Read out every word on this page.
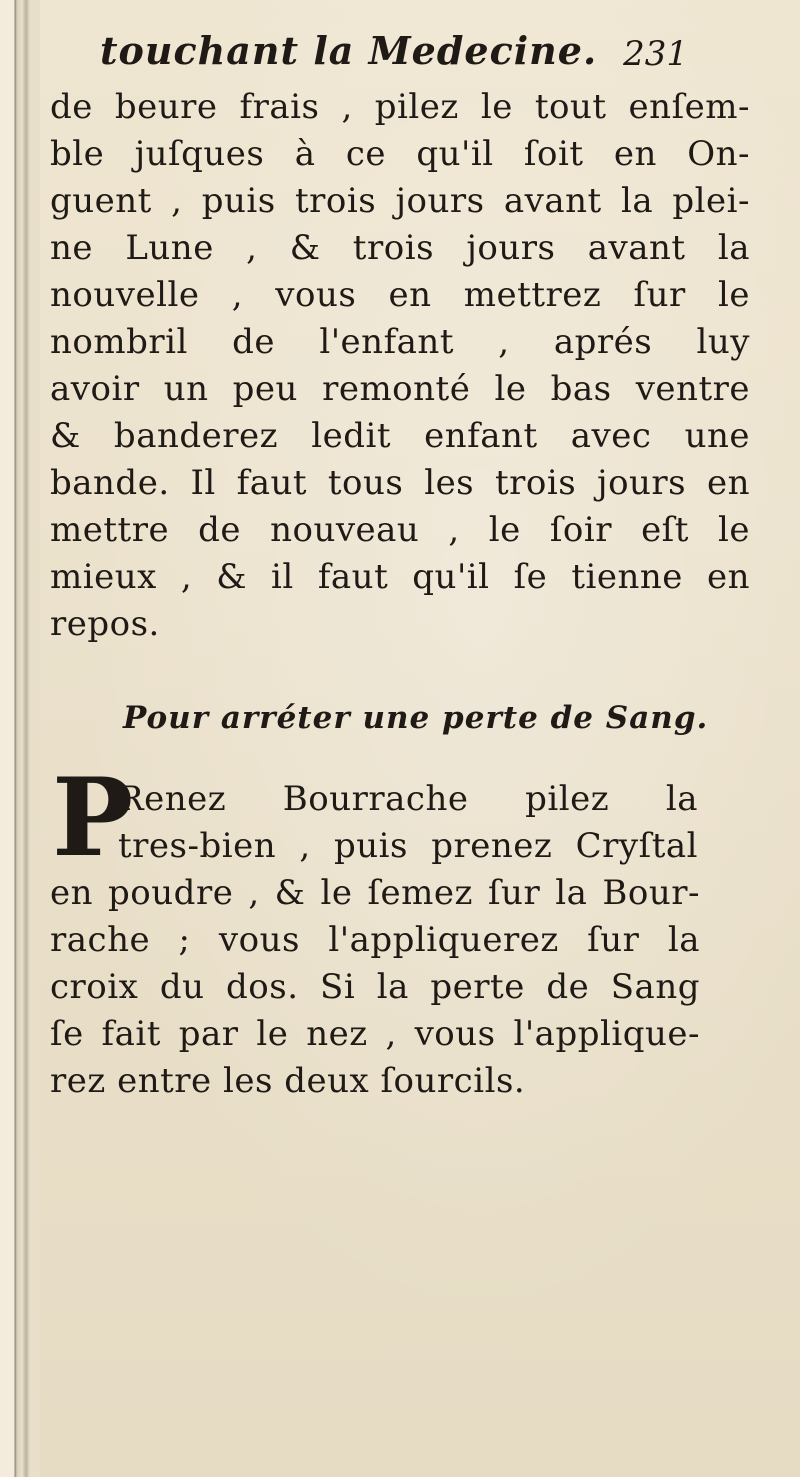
touchant la Medecine. 231
de beure frais , pilez le tout enſem-
ble juſques à ce qu'il ſoit en On-
guent , puis trois jours avant la plei-
ne Lune , & trois jours avant la
nouvelle , vous en mettrez ſur le
nombril de l'enfant , aprés luy
avoir un peu remonté le bas ventre
& banderez ledit enfant avec une
bande. Il faut tous les trois jours en
mettre de nouveau , le ſoir eſt le
mieux , & il faut qu'il ſe tienne en
repos.
Pour arréter une perte de Sang.
P
Renez Bourrache pilez la
tres-bien , puis prenez Cryſtal
en poudre , & le ſemez ſur la Bour-
rache ; vous l'appliquerez ſur la
croix du dos. Si la perte de Sang
ſe fait par le nez , vous l'applique-
rez entre les deux ſourcils.
